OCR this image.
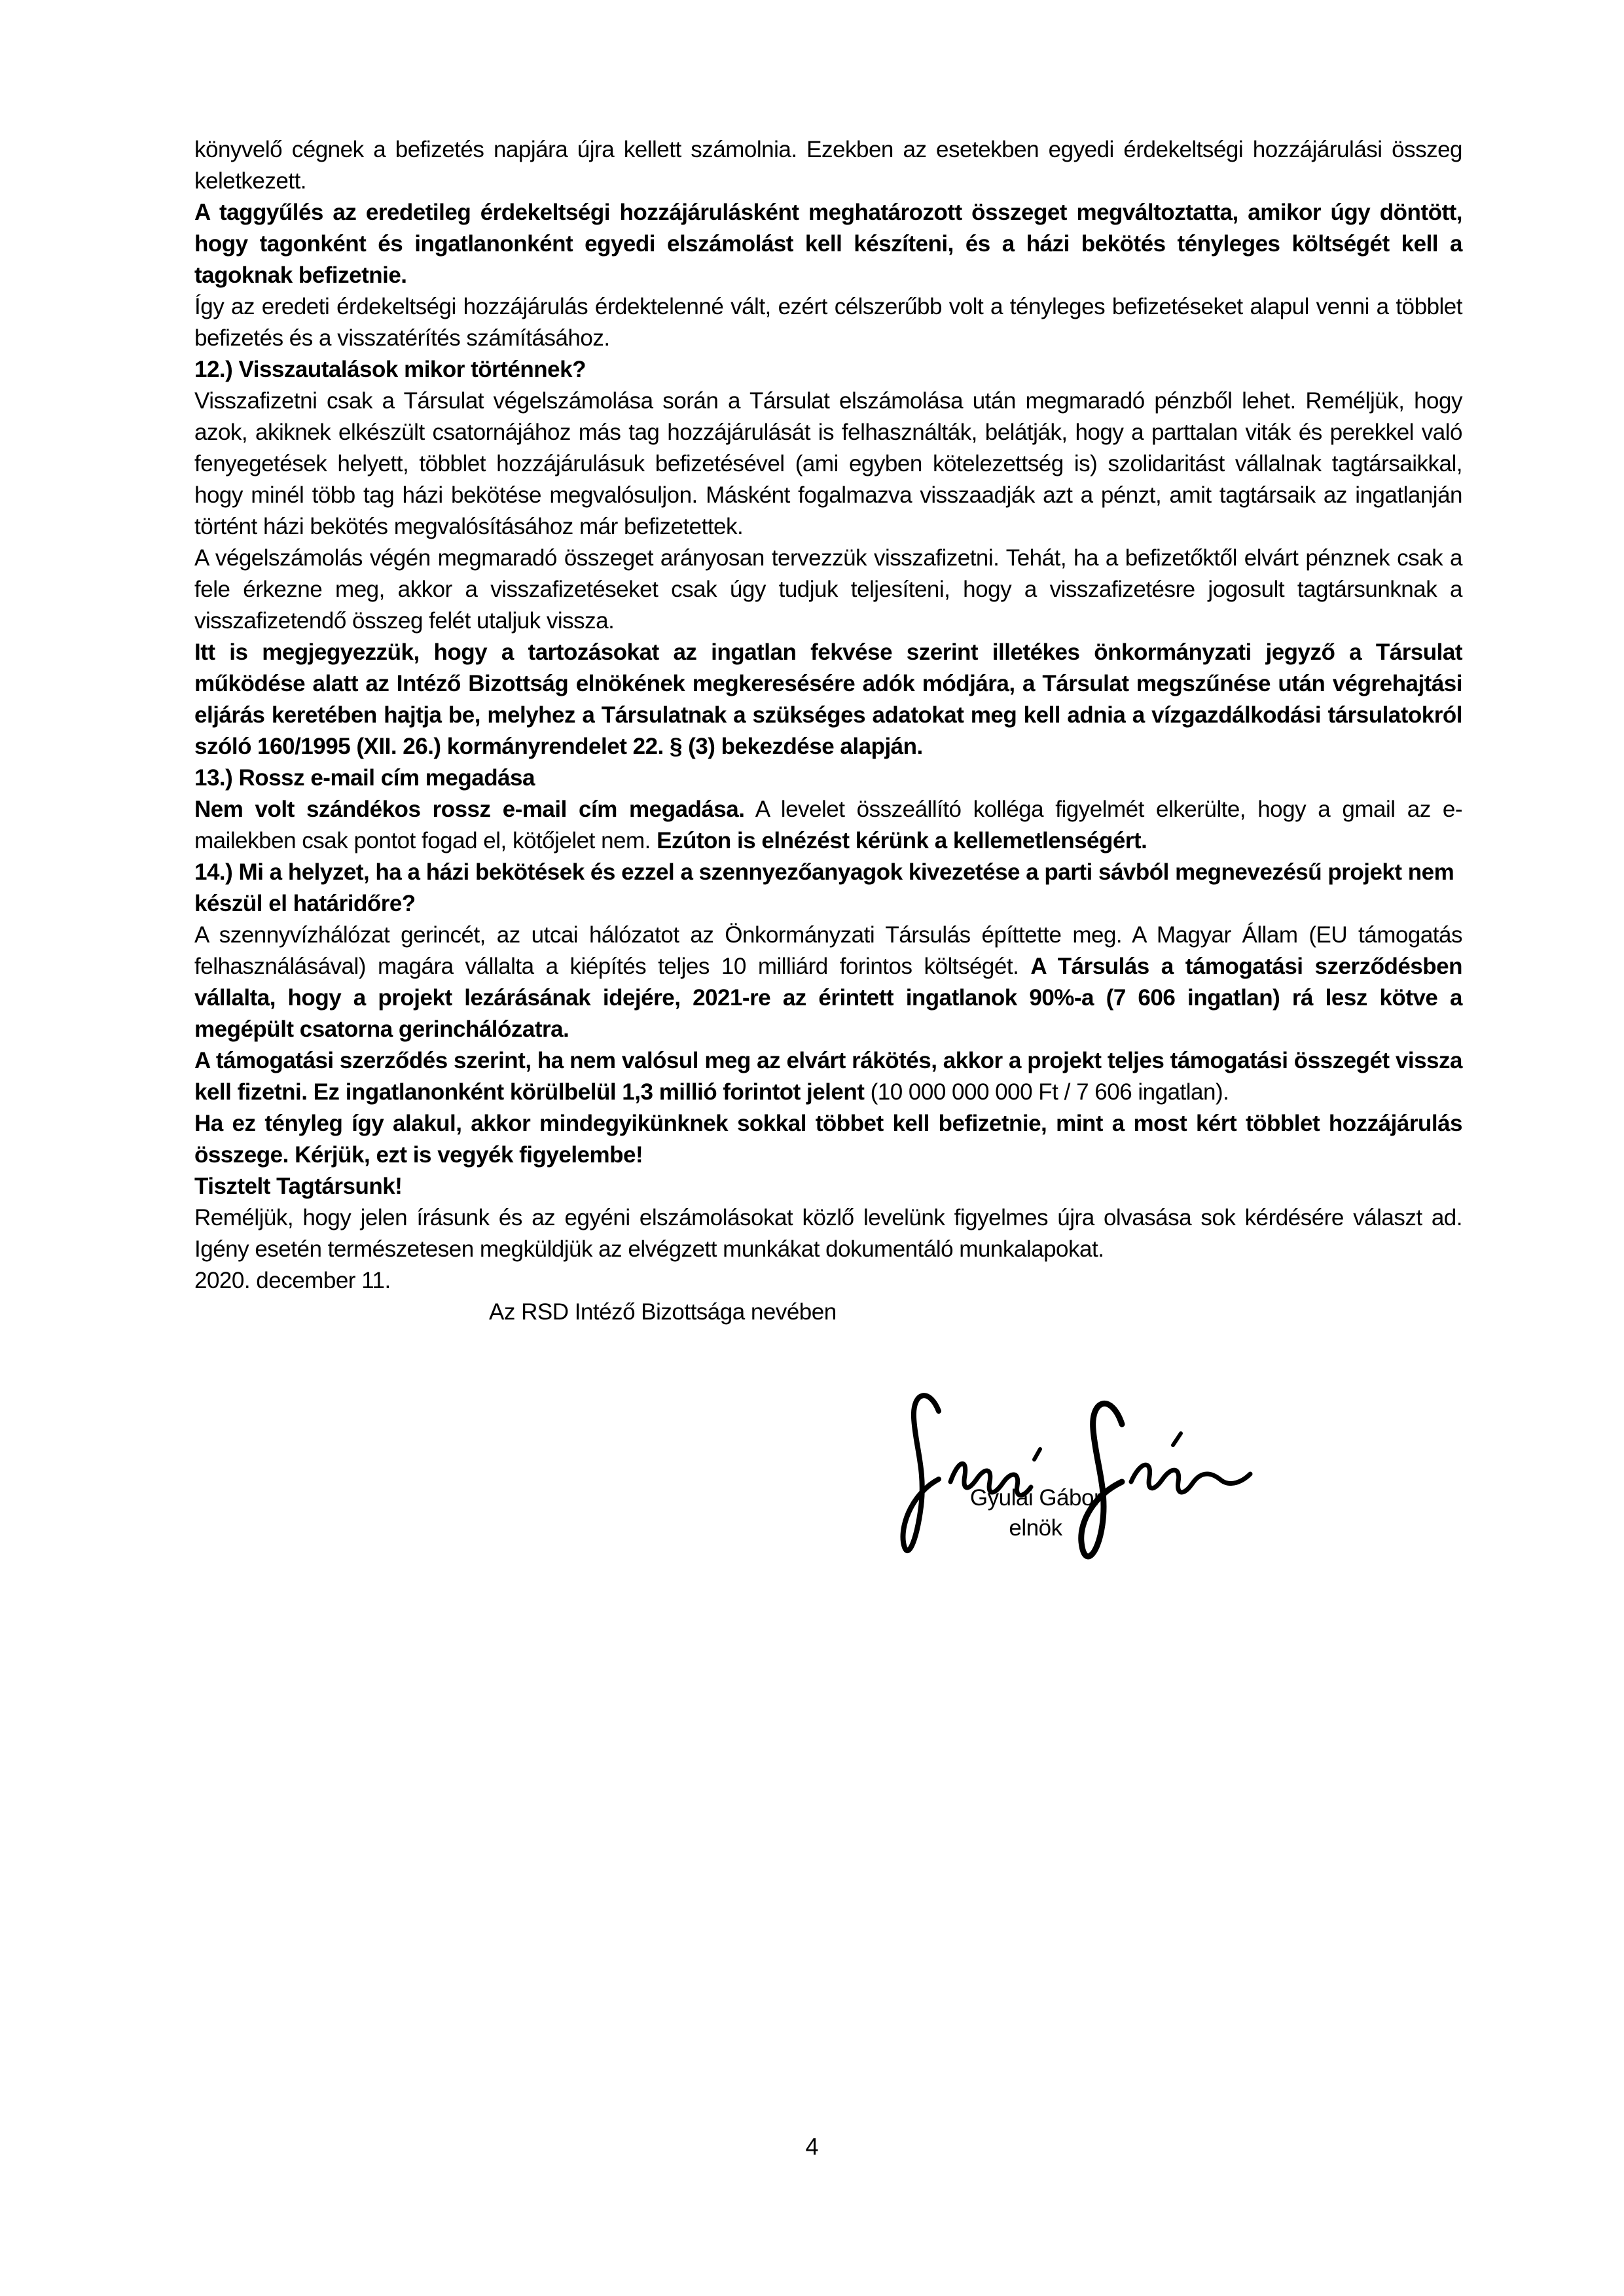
könyvelő cégnek a befizetés napjára újra kellett számolnia. Ezekben az esetekben egyedi érdekeltségi hozzájárulási összeg keletkezett.

A taggyűlés az eredetileg érdekeltségi hozzájárulásként meghatározott összeget megváltoztatta, amikor úgy döntött, hogy tagonként és ingatlanonként egyedi elszámolást kell készíteni, és a házi bekötés tényleges költségét kell a tagoknak befizetnie.

Így az eredeti érdekeltségi hozzájárulás érdektelenné vált, ezért célszerűbb volt a tényleges befizetéseket alapul venni a többlet befizetés és a visszatérítés számításához.

12.) Visszautalások mikor történnek?

Visszafizetni csak a Társulat végelszámolása során a Társulat elszámolása után megmaradó pénzből lehet. Reméljük, hogy azok, akiknek elkészült csatornájához más tag hozzájárulását is felhasználták, belátják, hogy a parttalan viták és perekkel való fenyegetések helyett, többlet hozzájárulásuk befizetésével (ami egyben kötelezettség is) szolidaritást vállalnak tagtársaikkal, hogy minél több tag házi bekötése megvalósuljon. Másként fogalmazva visszaadják azt a pénzt, amit tagtársaik az ingatlanján történt házi bekötés megvalósításához már befizetettek.

A végelszámolás végén megmaradó összeget arányosan tervezzük visszafizetni. Tehát, ha a befizetőktől elvárt pénznek csak a fele érkezne meg, akkor a visszafizetéseket csak úgy tudjuk teljesíteni, hogy a visszafizetésre jogosult tagtársunknak a visszafizetendő összeg felét utaljuk vissza.

Itt is megjegyezzük, hogy a tartozásokat az ingatlan fekvése szerint illetékes önkormányzati jegyző a Társulat működése alatt az Intéző Bizottság elnökének megkeresésére adók módjára, a Társulat megszűnése után végrehajtási eljárás keretében hajtja be, melyhez a Társulatnak a szükséges adatokat meg kell adnia a vízgazdálkodási társulatokról szóló 160/1995 (XII. 26.) kormányrendelet 22. § (3) bekezdése alapján.

13.) Rossz e-mail cím megadása

Nem volt szándékos rossz e-mail cím megadása. A levelet összeállító kolléga figyelmét elkerülte, hogy a gmail az e-mailekben csak pontot fogad el, kötőjelet nem. Ezúton is elnézést kérünk a kellemetlenségért.

14.) Mi a helyzet, ha a házi bekötések és ezzel a szennyezőanyagok kivezetése a parti sávból megnevezésű projekt nem készül el határidőre?

A szennyvízhálózat gerincét, az utcai hálózatot az Önkormányzati Társulás építtette meg. A Magyar Állam (EU támogatás felhasználásával) magára vállalta a kiépítés teljes 10 milliárd forintos költségét. A Társulás a támogatási szerződésben vállalta, hogy a projekt lezárásának idejére, 2021-re az érintett ingatlanok 90%-a (7 606 ingatlan) rá lesz kötve a megépült csatorna gerinchálózatra.

A támogatási szerződés szerint, ha nem valósul meg az elvárt rákötés, akkor a projekt teljes támogatási összegét vissza kell fizetni. Ez ingatlanonként körülbelül 1,3 millió forintot jelent (10 000 000 000 Ft / 7 606 ingatlan).

Ha ez tényleg így alakul, akkor mindegyikünknek sokkal többet kell befizetnie, mint a most kért többlet hozzájárulás összege. Kérjük, ezt is vegyék figyelembe!

Tisztelt Tagtársunk!

Reméljük, hogy jelen írásunk és az egyéni elszámolásokat közlő levelünk figyelmes újra olvasása sok kérdésére választ ad. Igény esetén természetesen megküldjük az elvégzett munkákat dokumentáló munkalapokat.

2020. december 11.

Az RSD Intéző Bizottsága nevében

Gyulai Gábor
elnök
4
